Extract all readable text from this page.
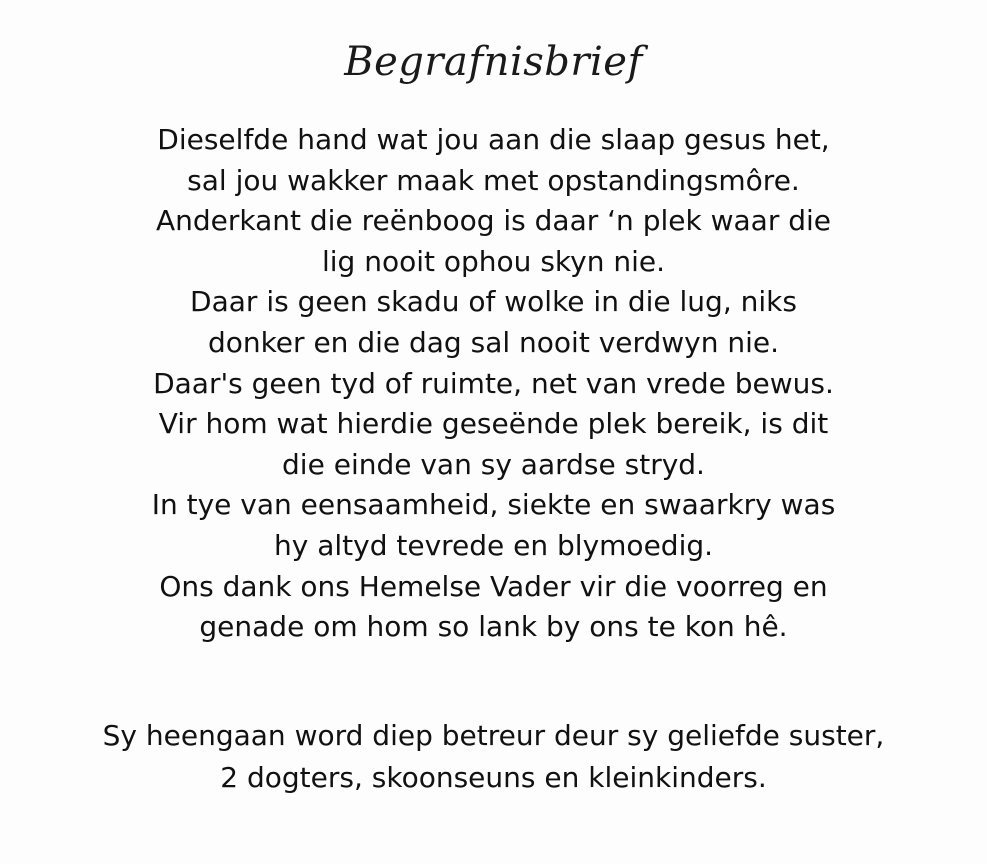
Begrafnisbrief
Dieselfde hand wat jou aan die slaap gesus het,
sal jou wakker maak met opstandingsmôre.
Anderkant die reënboog is daar ‘n plek waar die
lig nooit ophou skyn nie.
Daar is geen skadu of wolke in die lug, niks
donker en die dag sal nooit verdwyn nie.
Daar's geen tyd of ruimte, net van vrede bewus.
Vir hom wat hierdie geseënde plek bereik, is dit
die einde van sy aardse stryd.
In tye van eensaamheid, siekte en swaarkry was
hy altyd tevrede en blymoedig.
Ons dank ons Hemelse Vader vir die voorreg en
genade om hom so lank by ons te kon hê.
Sy heengaan word diep betreur deur sy geliefde suster,
2 dogters, skoonseuns en kleinkinders.
